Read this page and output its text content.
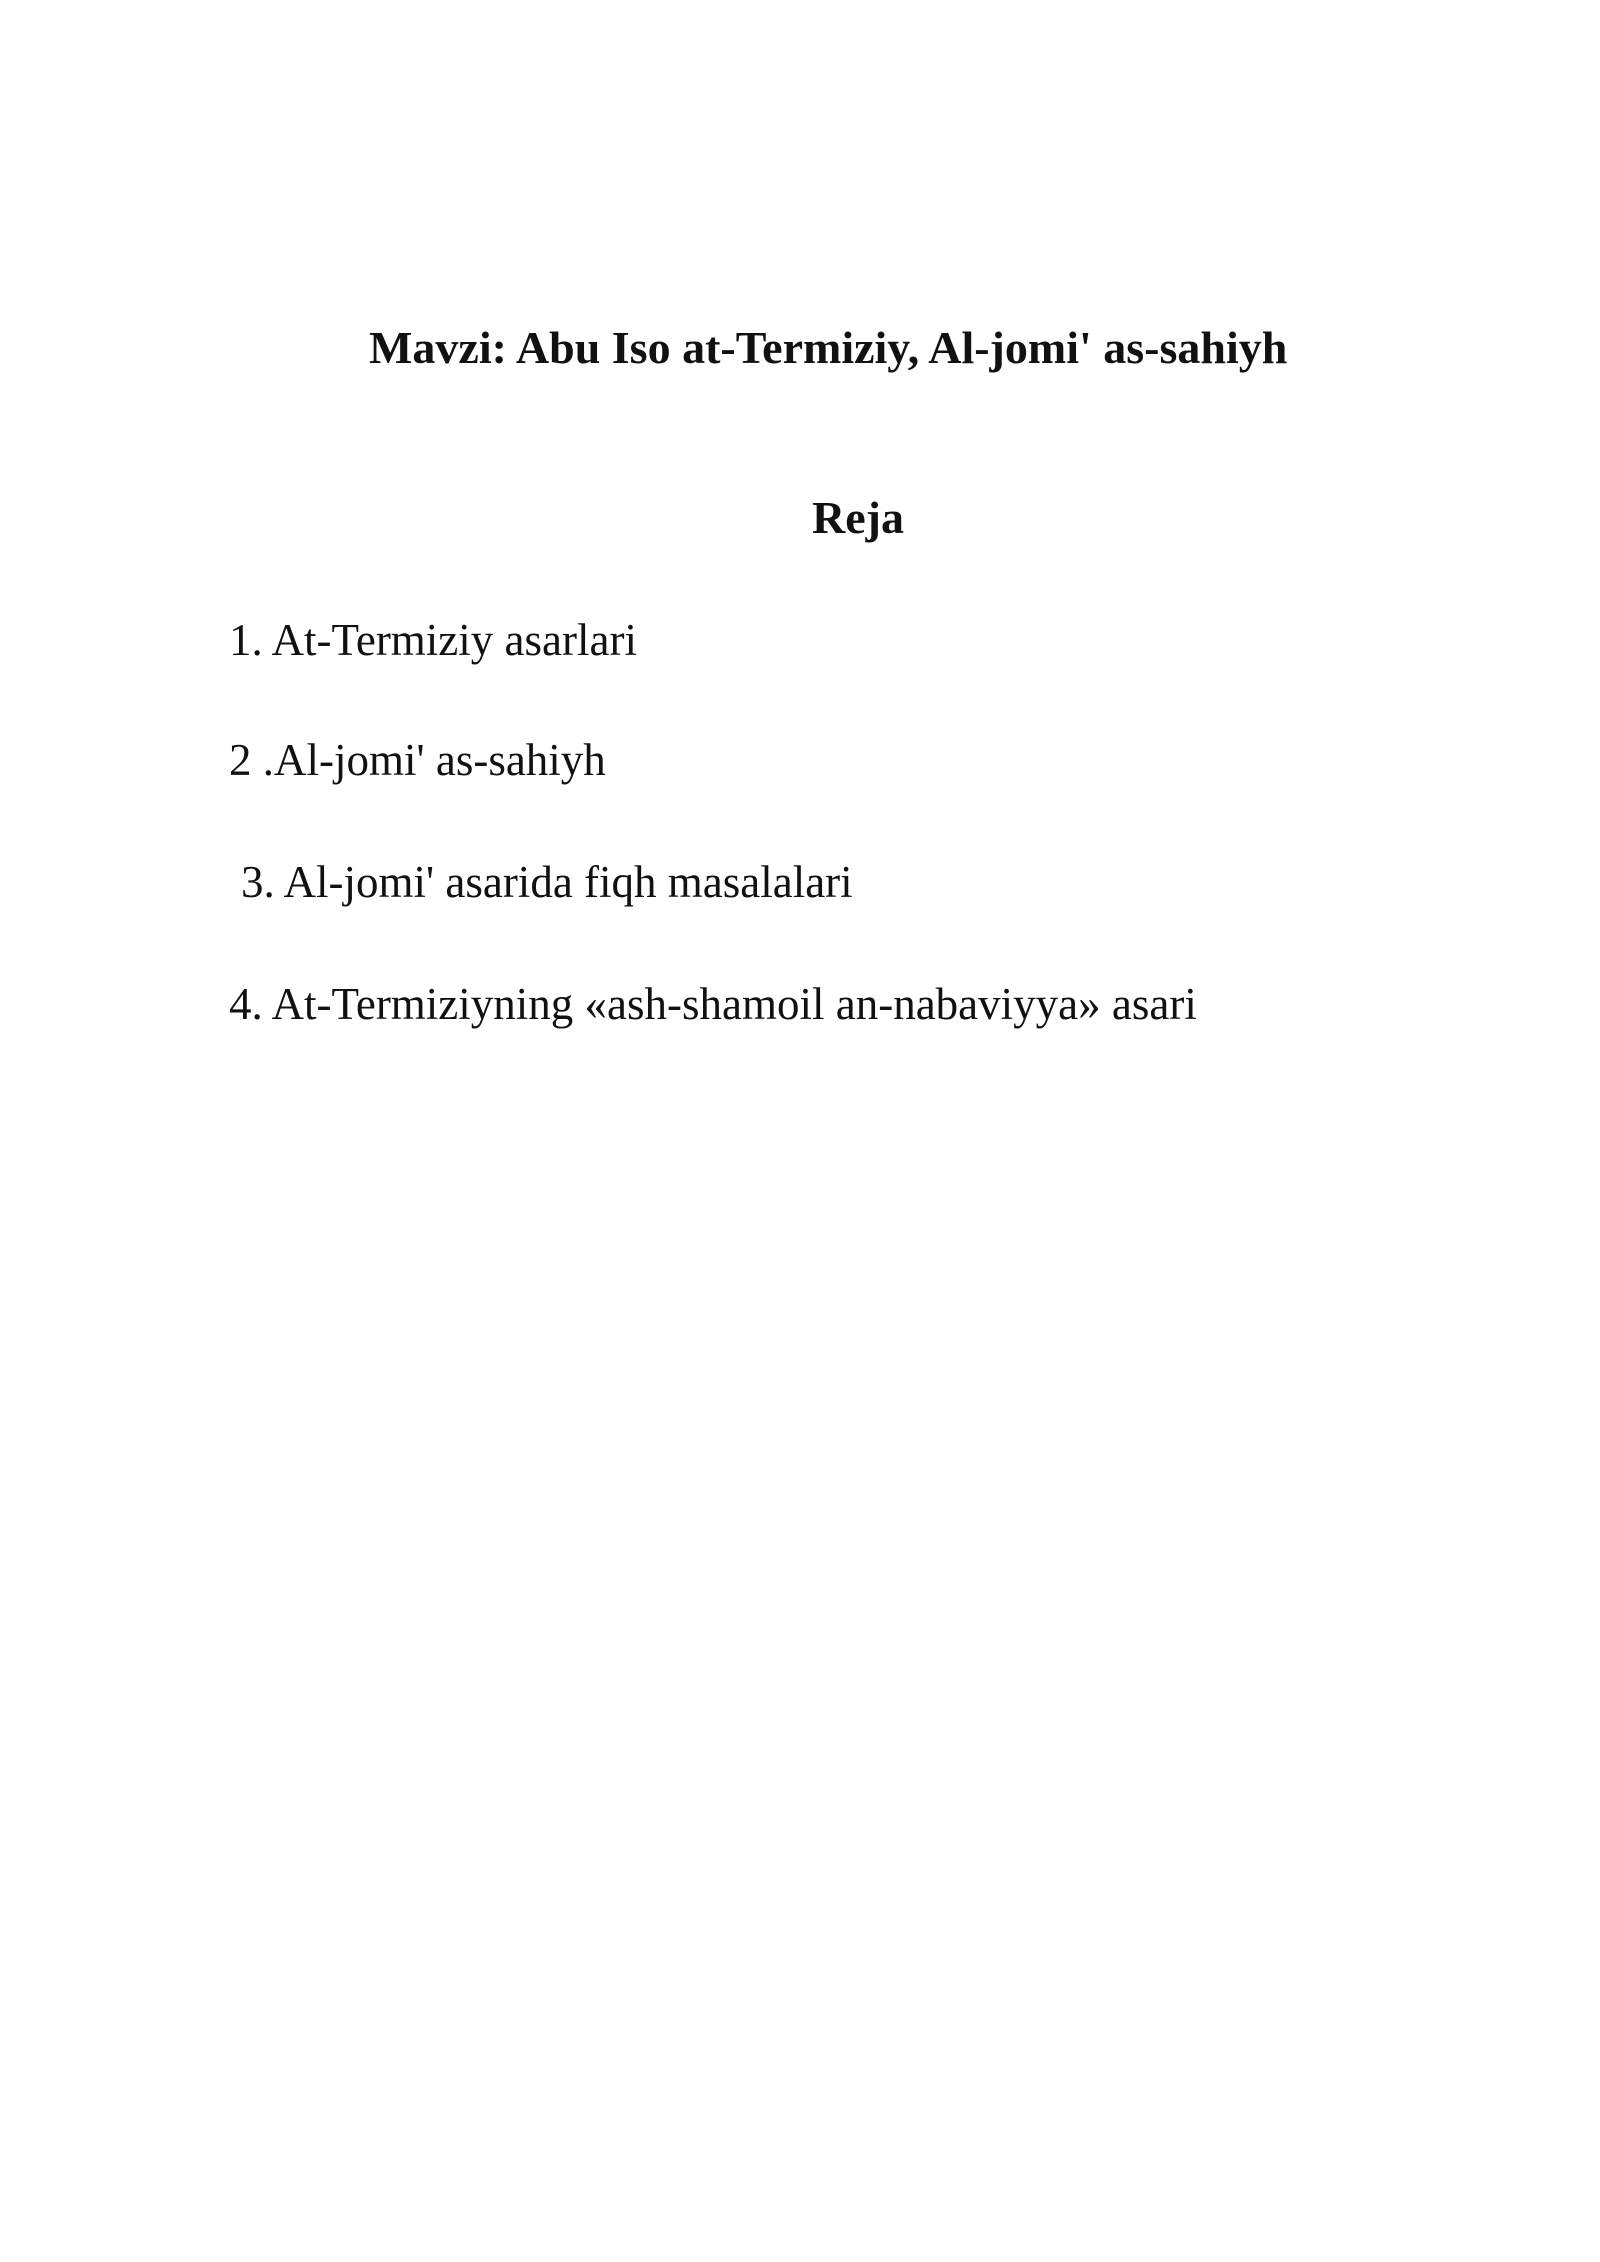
Mavzi: Abu Iso at-Termiziy, Al-jomi' as-sahiyh
Reja

1. At-Termiziy asarlari

2 .Al-jomi' as-sahiyh

3. Al-jomi' asarida fiqh masalalari

4. At-Termiziyning «ash-shamoil an-nabaviyya» asari
